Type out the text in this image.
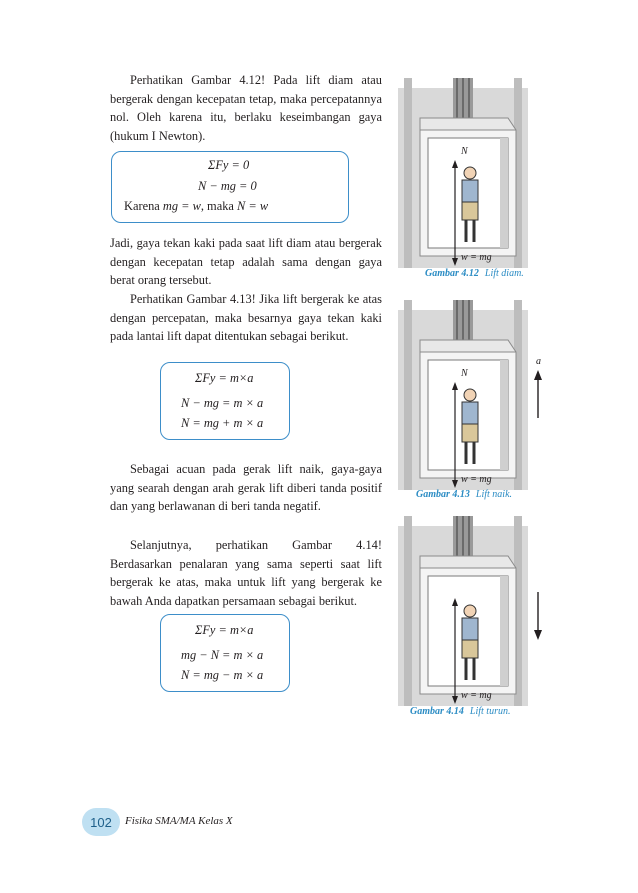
Perhatikan Gambar 4.12! Pada lift diam atau bergerak dengan kecepatan tetap, maka percepatannya nol. Oleh karena itu, berlaku keseimbangan gaya (hukum I Newton).

ΣFy = 0
N − mg = 0
Karena mg = w, maka N = w

Jadi, gaya tekan kaki pada saat lift diam atau bergerak dengan kecepatan tetap adalah sama dengan gaya berat orang tersebut.

Perhatikan Gambar 4.13! Jika lift bergerak ke atas dengan percepatan, maka besarnya gaya tekan kaki pada lantai lift dapat ditentukan sebagai berikut.

ΣFy = m×a
N − mg = m × a
N = mg + m × a

Sebagai acuan pada gerak lift naik, gaya-gaya yang searah dengan arah gerak lift diberi tanda positif dan yang berlawanan di beri tanda negatif.

Selanjutnya, perhatikan Gambar 4.14! Berdasarkan penalaran yang sama seperti saat lift bergerak ke atas, maka untuk lift yang bergerak ke bawah Anda dapatkan persamaan sebagai berikut.

ΣFy = m×a
mg − N = m × a
N = mg − m × a
N
w = mg
Gambar 4.12 Lift diam.
a
N
w = mg
Gambar 4.13 Lift naik.
w = mg
Gambar 4.14 Lift turun.
102	Fisika SMA/MA Kelas X
